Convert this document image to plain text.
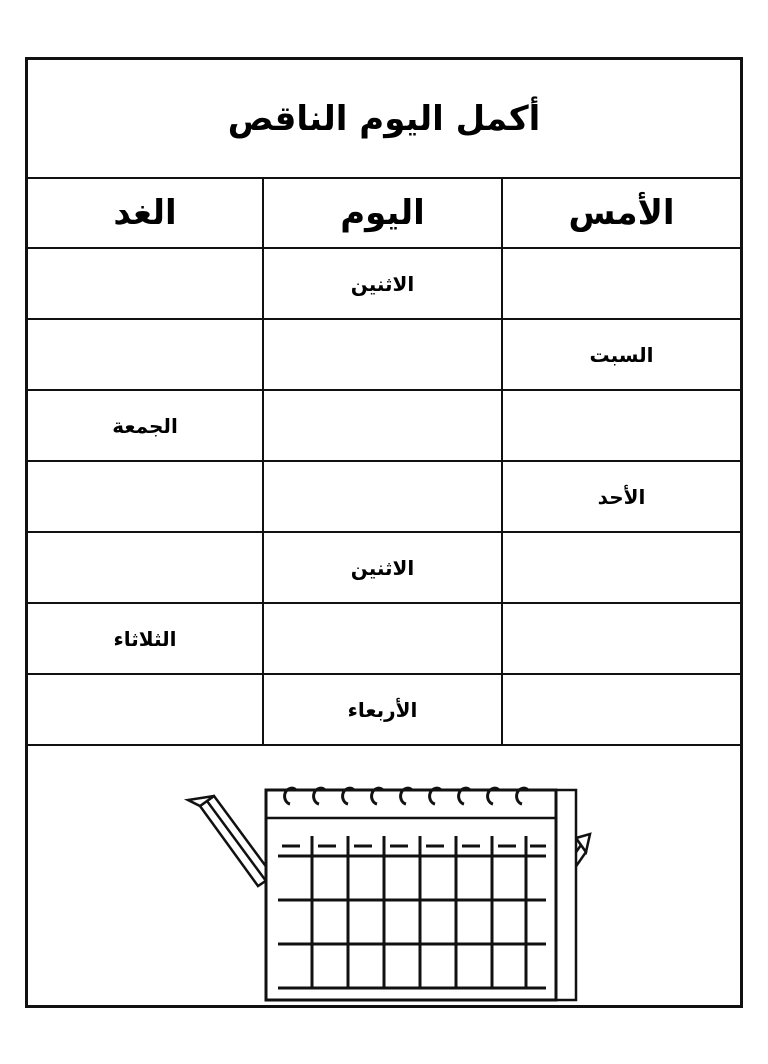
أكمل اليوم الناقص
الأمس	اليوم	الغد
	الاثنين	
السبت		
		الجمعة
الأحد		
	الاثنين	
		الثلاثاء
	الأربعاء	
